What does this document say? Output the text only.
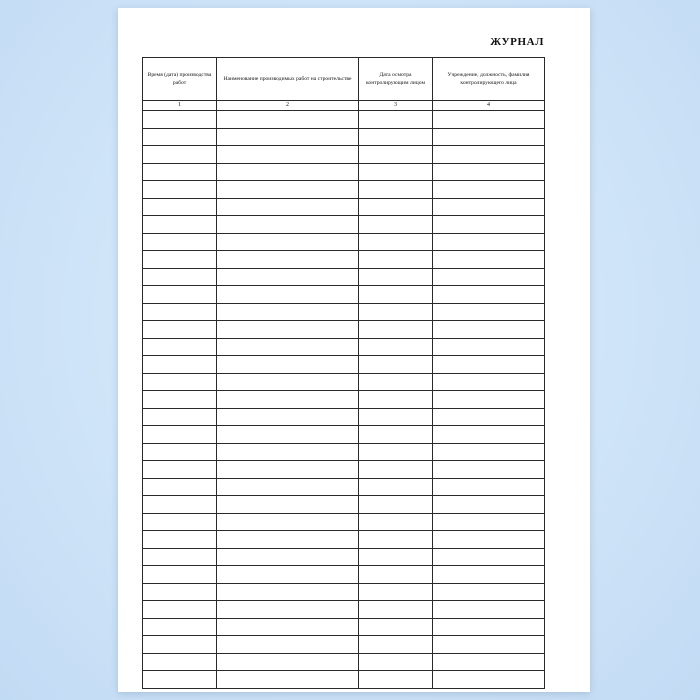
ЖУРНАЛ
Время (дата) производства работ	Наименование производимых работ на строительстве	Дата осмотра контролирующим лицом	Учреждение, должность, фамилия контролирующего лица
1	2	3	4
